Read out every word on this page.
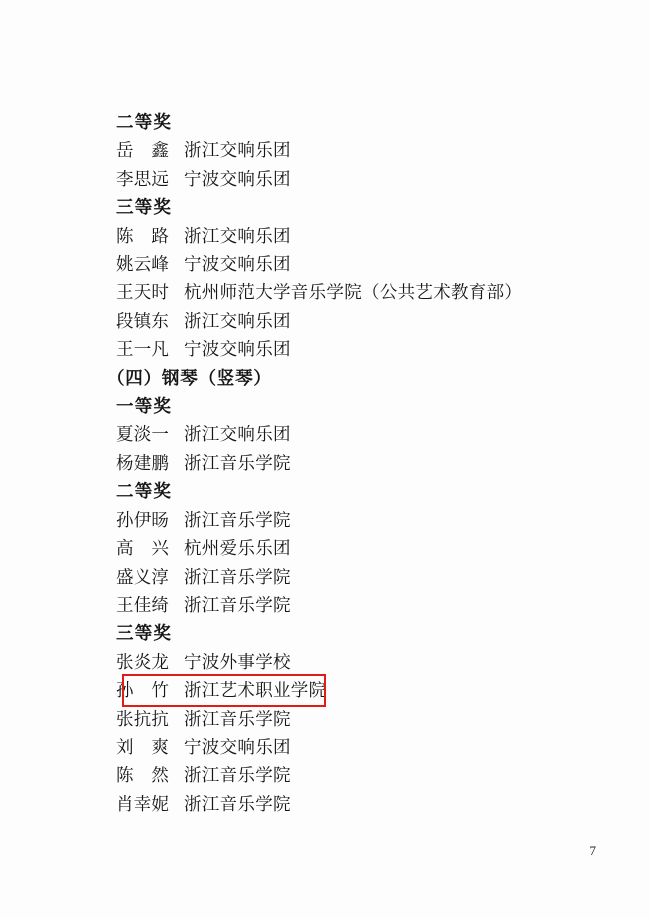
二等奖
岳　鑫 浙江交响乐团
李思远 宁波交响乐团
三等奖
陈　路 浙江交响乐团
姚云峰 宁波交响乐团
王天时 杭州师范大学音乐学院（公共艺术教育部）
段镇东 浙江交响乐团
王一凡 宁波交响乐团
（四）钢琴（竖琴）
一等奖
夏淡一 浙江交响乐团
杨建鹏 浙江音乐学院
二等奖
孙伊旸 浙江音乐学院
高　兴 杭州爱乐乐团
盛义淳 浙江音乐学院
王佳绮 浙江音乐学院
三等奖
张炎龙 宁波外事学校
孙　竹 浙江艺术职业学院
张抗抗 浙江音乐学院
刘　爽 宁波交响乐团
陈　然 浙江音乐学院
肖幸妮 浙江音乐学院
7
